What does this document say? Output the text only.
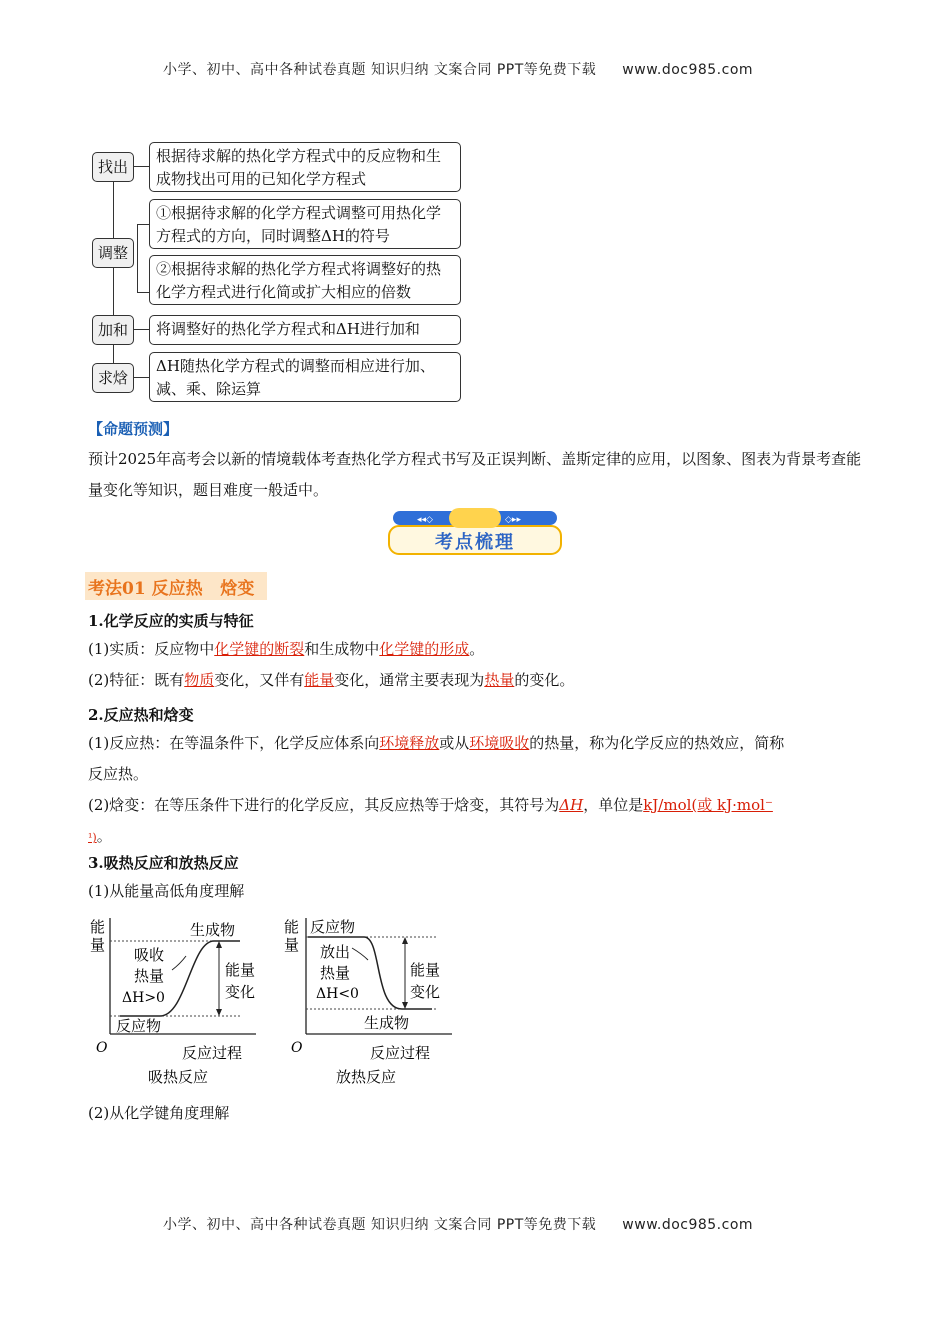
小学、初中、高中各种试卷真题 知识归纳 文案合同 PPT等免费下载 www.doc985.com
找出
根据待求解的热化学方程式中的反应物和生成物找出可用的已知化学方程式
调整
①根据待求解的化学方程式调整可用热化学方程式的方向，同时调整ΔH的符号
②根据待求解的热化学方程式将调整好的热化学方程式进行化简或扩大相应的倍数
加和	将调整好的热化学方程式和ΔH进行加和
求焓
ΔH随热化学方程式的调整而相应进行加、减、乘、除运算
【命题预测】
预计2025年高考会以新的情境载体考查热化学方程式书写及正误判断、盖斯定律的应用，以图象、图表为背景考查能量变化等知识，题目难度一般适中。
◂◂◇	◇▸▸
考点梳理
考法01 反应热   焓变
1.化学反应的实质与特征
(1)实质：反应物中化学键的断裂和生成物中化学键的形成。
(2)特征：既有物质变化，又伴有能量变化，通常主要表现为热量的变化。
2.反应热和焓变
(1)反应热：在等温条件下，化学反应体系向环境释放或从环境吸收的热量，称为化学反应的热效应，简称
反应热。
(2)焓变：在等压条件下进行的化学反应，其反应热等于焓变，其符号为ΔH，单位是kJ/mol(或 kJ·mol⁻
¹)。
3.吸热反应和放热反应
(1)从能量高低角度理解
能
量
生成物
吸收
热量
ΔH>0
能量
变化
反应物
O	反应过程
吸热反应
能
量
反应物
放出
热量
ΔH<0
能量
变化
生成物
O	反应过程
放热反应
(2)从化学键角度理解
小学、初中、高中各种试卷真题 知识归纳 文案合同 PPT等免费下载 www.doc985.com
